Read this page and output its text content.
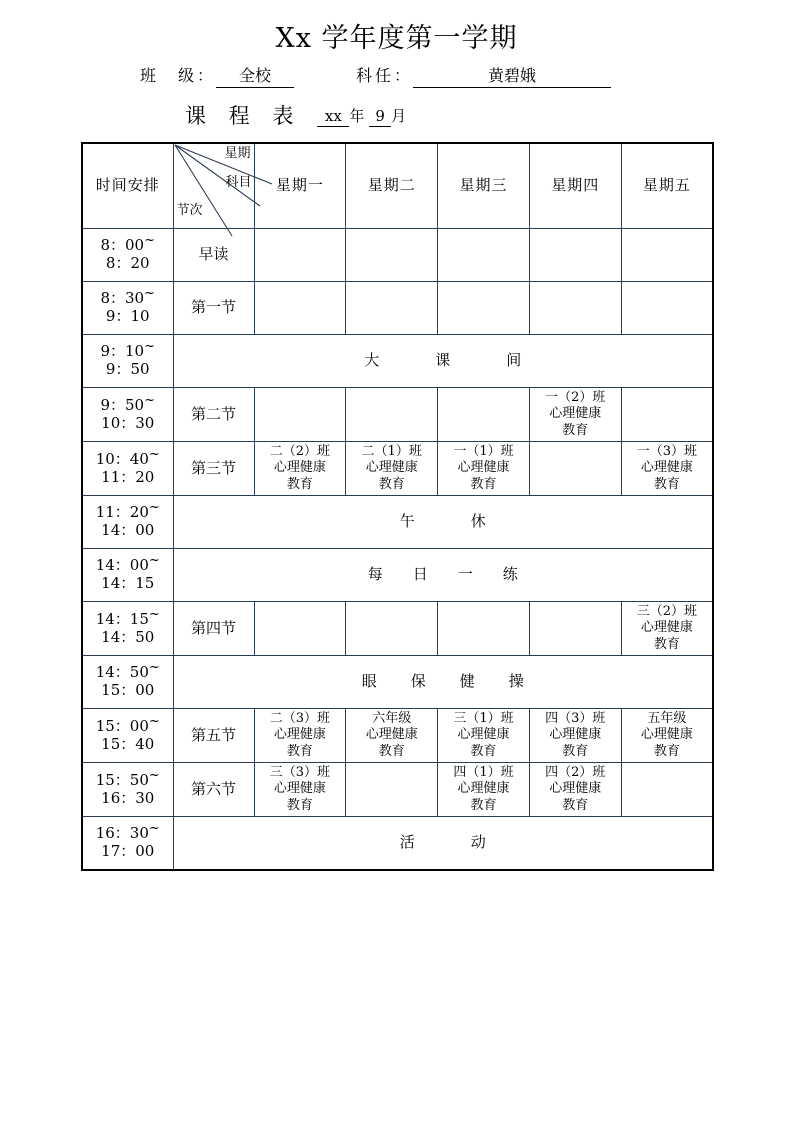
Xx 学年度第一学期
班　级： 全校	科任：	黄碧娥
课 程 表 xx 年 9 月
时间安排	星期
科目
节次	星期一	星期二	星期三	星期四	星期五

8：00~
8：20	早读					

8：30~
9：10	第一节					

9：10~
9：50	大课间					

9：50~
10：30	第二节				一（2）班
心理健康
教育	

10：40~
11：20	第三节	二（2）班
心理健康
教育	二（1）班
心理健康
教育	一（1）班
心理健康
教育		一（3）班
心理健康
教育

11：20~
14：00	午休					

14：00~
14：15	每日一练					

14：15~
14：50	第四节					三（2）班
心理健康
教育

14：50~
15：00	眼保健操					

15：00~
15：40	第五节	二（3）班
心理健康
教育	六年级
心理健康
教育	三（1）班
心理健康
教育	四（3）班
心理健康
教育	五年级
心理健康
教育

15：50~
16：30	第六节	三（3）班
心理健康
教育		四（1）班
心理健康
教育	四（2）班
心理健康
教育	

16：30~
17：00	活动					
